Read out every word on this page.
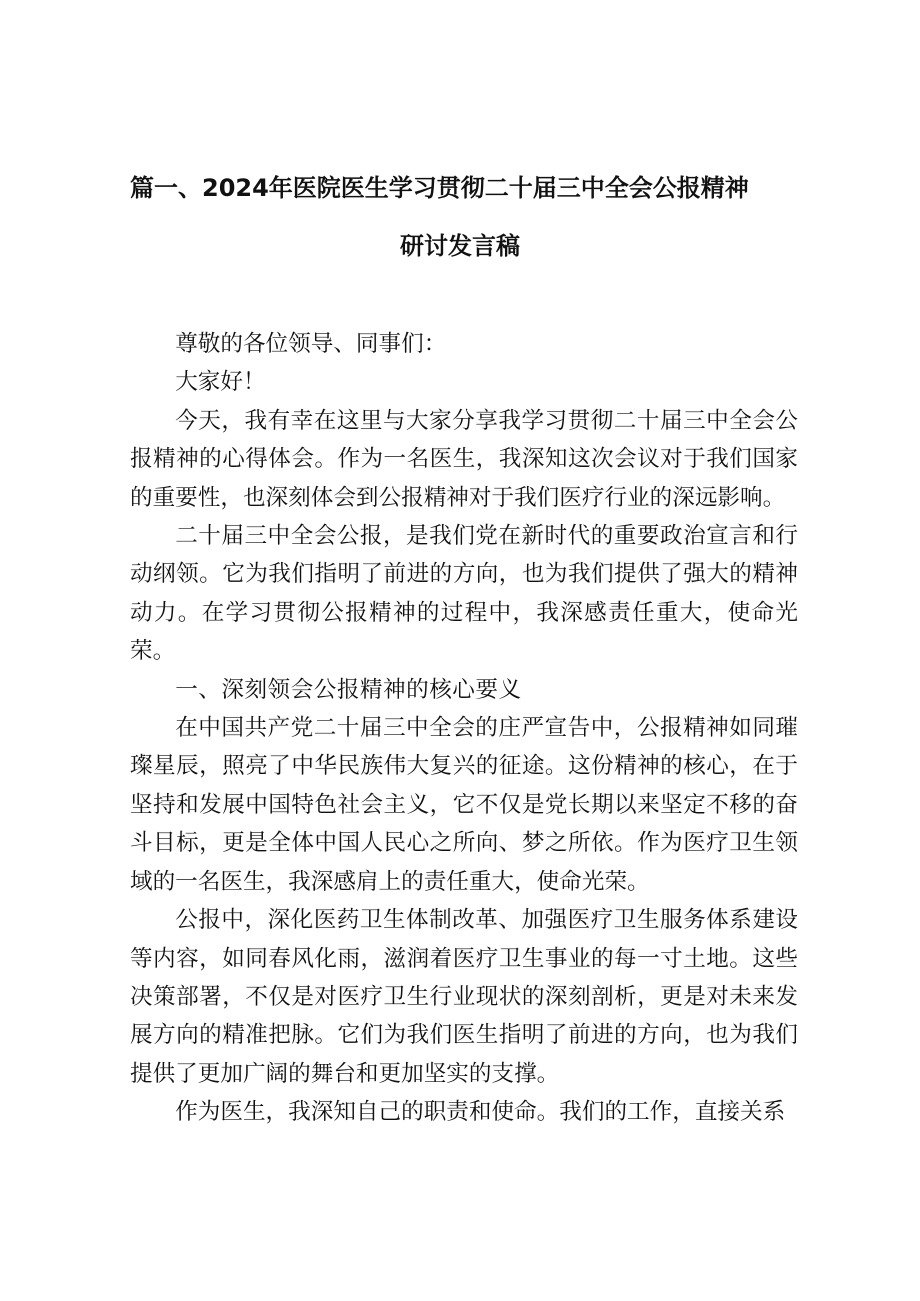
篇一、2024年医院医生学习贯彻二十届三中全会公报精神
研讨发言稿

尊敬的各位领导、同事们：

大家好！

今天，我有幸在这里与大家分享我学习贯彻二十届三中全会公报精神的心得体会。作为一名医生，我深知这次会议对于我们国家的重要性，也深刻体会到公报精神对于我们医疗行业的深远影响。

二十届三中全会公报，是我们党在新时代的重要政治宣言和行动纲领。它为我们指明了前进的方向，也为我们提供了强大的精神动力。在学习贯彻公报精神的过程中，我深感责任重大，使命光荣。

一、深刻领会公报精神的核心要义

在中国共产党二十届三中全会的庄严宣告中，公报精神如同璀璨星辰，照亮了中华民族伟大复兴的征途。这份精神的核心，在于坚持和发展中国特色社会主义，它不仅是党长期以来坚定不移的奋斗目标，更是全体中国人民心之所向、梦之所依。作为医疗卫生领域的一名医生，我深感肩上的责任重大，使命光荣。

公报中，深化医药卫生体制改革、加强医疗卫生服务体系建设等内容，如同春风化雨，滋润着医疗卫生事业的每一寸土地。这些决策部署，不仅是对医疗卫生行业现状的深刻剖析，更是对未来发展方向的精准把脉。它们为我们医生指明了前进的方向，也为我们提供了更加广阔的舞台和更加坚实的支撑。

作为医生，我深知自己的职责和使命。我们的工作，直接关系
